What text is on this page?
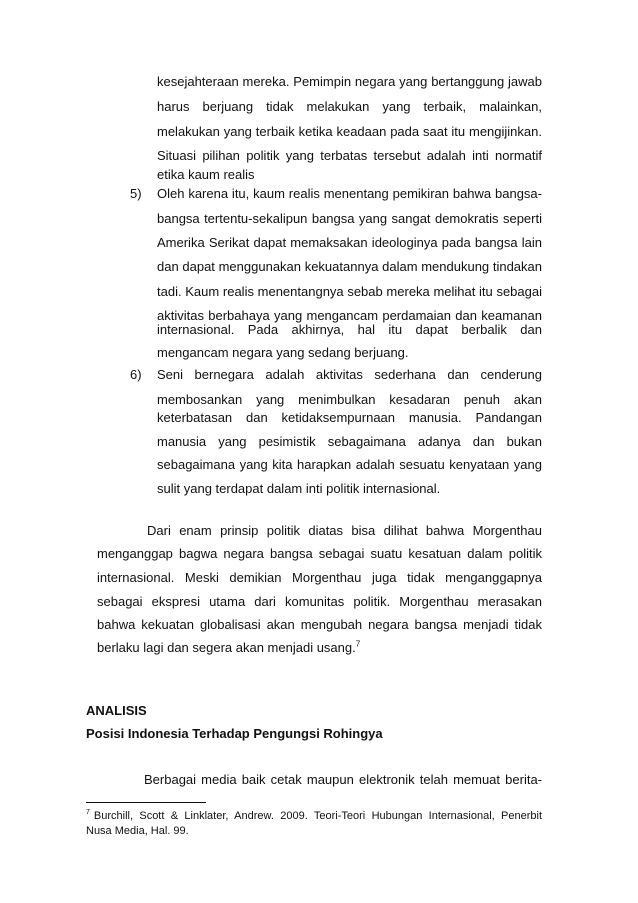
kesejahteraan mereka. Pemimpin negara yang bertanggung jawab
harus berjuang tidak melakukan yang terbaik, malainkan,
melakukan yang terbaik ketika keadaan pada saat itu mengijinkan.
Situasi pilihan politik yang terbatas tersebut adalah inti normatif
etika kaum realis
5) Oleh karena itu, kaum realis menentang pemikiran bahwa bangsa-
bangsa tertentu-sekalipun bangsa yang sangat demokratis seperti
Amerika Serikat dapat memaksakan ideologinya pada bangsa lain
dan dapat menggunakan kekuatannya dalam mendukung tindakan
tadi. Kaum realis menentangnya sebab mereka melihat itu sebagai
aktivitas berbahaya yang mengancam perdamaian dan keamanan
internasional. Pada akhirnya, hal itu dapat berbalik dan
mengancam negara yang sedang berjuang.
6) Seni bernegara adalah aktivitas sederhana dan cenderung
membosankan yang menimbulkan kesadaran penuh akan
keterbatasan dan ketidaksempurnaan manusia. Pandangan
manusia yang pesimistik sebagaimana adanya dan bukan
sebagaimana yang kita harapkan adalah sesuatu kenyataan yang
sulit yang terdapat dalam inti politik internasional.
Dari enam prinsip politik diatas bisa dilihat bahwa Morgenthau
menganggap bagwa negara bangsa sebagai suatu kesatuan dalam politik
internasional. Meski demikian Morgenthau juga tidak menganggapnya
sebagai ekspresi utama dari komunitas politik. Morgenthau merasakan
bahwa kekuatan globalisasi akan mengubah negara bangsa menjadi tidak
berlaku lagi dan segera akan menjadi usang.$^7$
ANALISIS
Posisi Indonesia Terhadap Pengungsi Rohingya
Berbagai media baik cetak maupun elektronik telah memuat berita-
$^7$ Burchill, Scott & Linklater, Andrew. 2009. Teori-Teori Hubungan Internasional, Penerbit
Nusa Media, Hal. 99.
